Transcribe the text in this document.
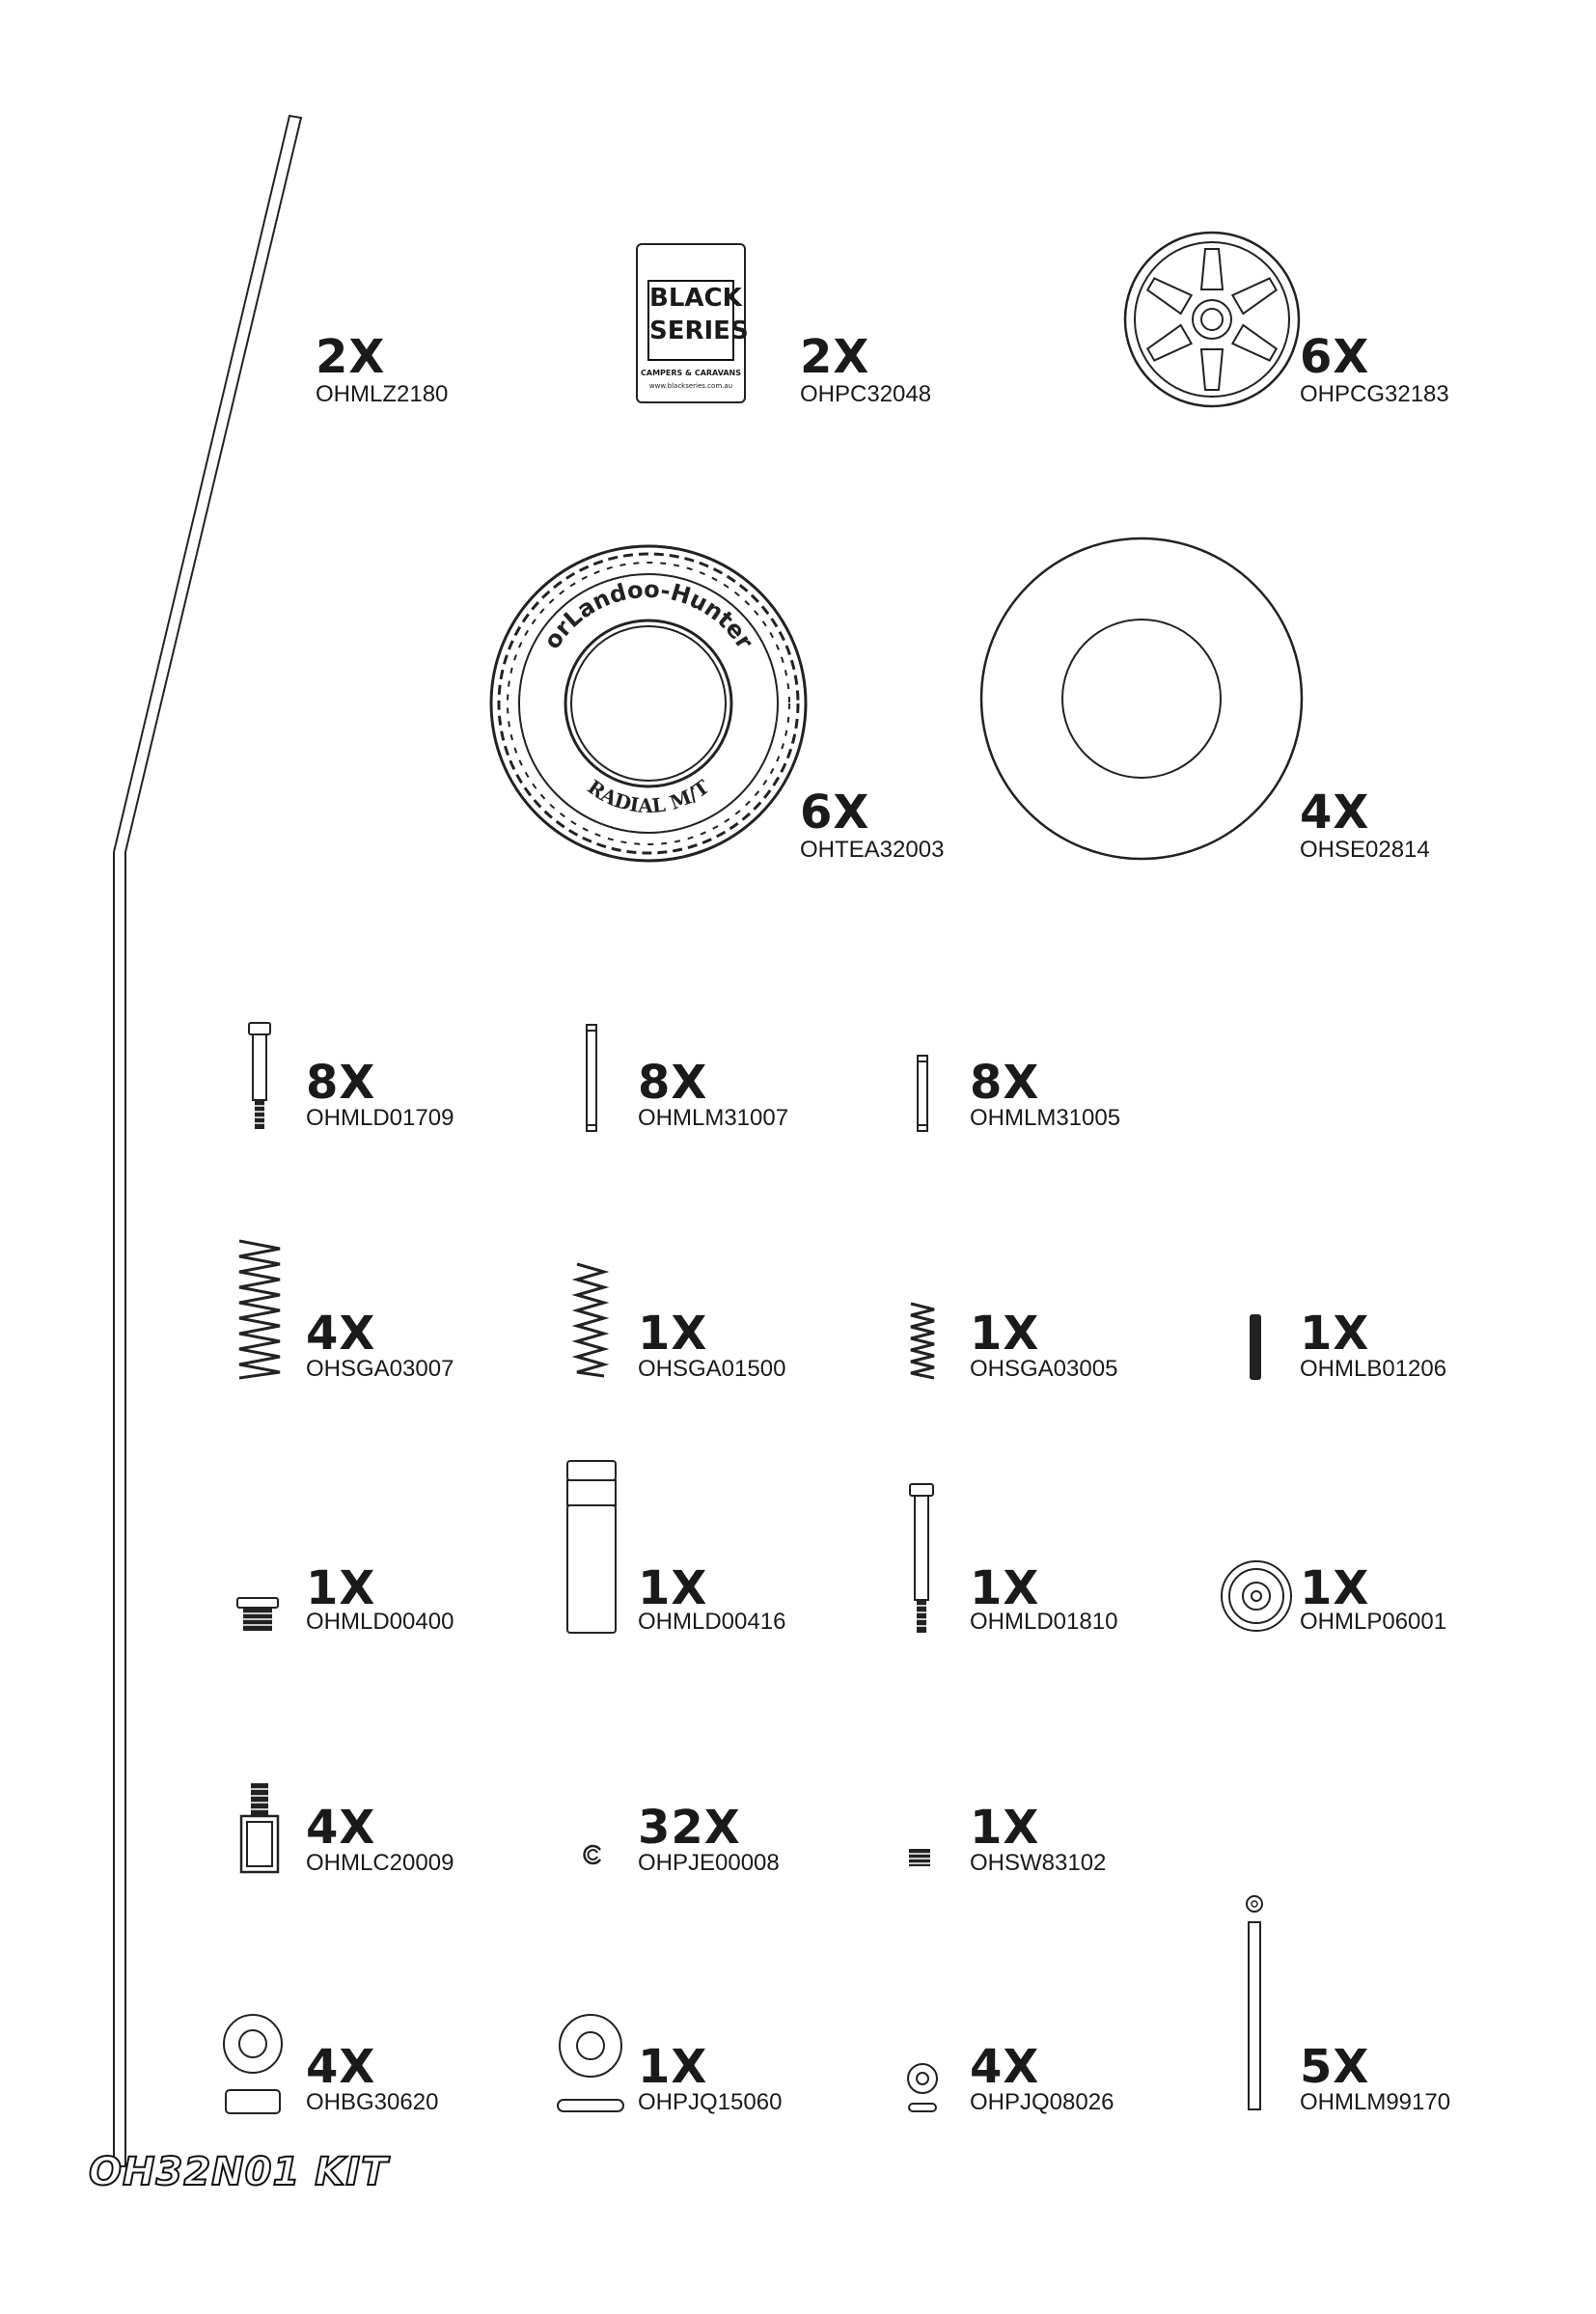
2X
OHMLZ2180
BLACK
SERIES
CAMPERS & CARAVANS
www.blackseries.com.au
2X
OHPC32048
6X
OHPCG32183
orLandoo-Hunter
RADIAL M/T 6X
OHTEA32003
4X
OHSE02814
8X
OHMLD01709
8X
OHMLM31007
8X
OHMLM31005
4X
OHSGA03007
1X
OHSGA01500
1X
OHSGA03005
1X
OHMLB01206
1X
OHMLD00400
1X
OHMLD00416
1X
OHMLD01810
1X
OHMLP06001
4X
OHMLC20009
32X
OHPJE00008
1X
OHSW83102
4X
OHBG30620
1X
OHPJQ15060
4X
OHPJQ08026
5X
OHMLM99170
OH32N01 KIT
